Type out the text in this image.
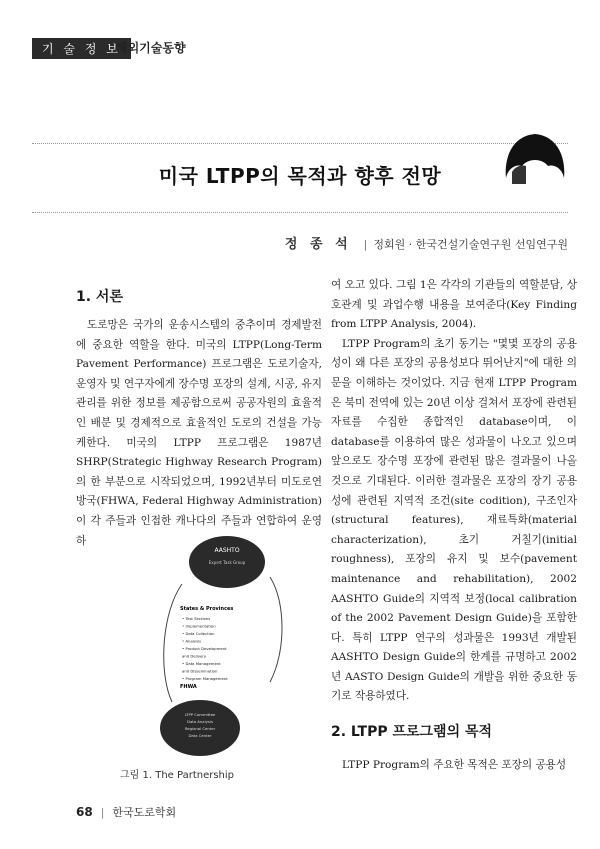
기 술 정 보
해외기술동향
미국 LTPP의 목적과 향후 전망
정 종 석 | 정회원 · 한국건설기술연구원 선임연구원
1. 서론

도로망은 국가의 운송시스템의 중추이며 경제발전에 중요한 역할을 한다. 미국의 LTPP(Long-Term Pavement Performance) 프로그램은 도로기술자, 운영자 및 연구자에게 장수명 포장의 설계, 시공, 유지관리를 위한 정보를 제공함으로써 공공자원의 효율적인 배분 및 경제적으로 효율적인 도로의 건설을 가능케한다. 미국의 LTPP 프로그램은 1987년 SHRP(Strategic Highway Research Program)의 한 부분으로 시작되었으며, 1992년부터 미도로연방국(FHWA, Federal Highway Administration)이 각 주들과 인접한 캐나다의 주들과 연합하여 운영하

AASHTO
Expert Task Group
States & Provinces
• Test Sections
• Implementation
• Data Collection
• Analysis
• Product Development
and Delivery
• Data Management
and Dissemination
• Program Management
FHWA
LTPP Committee
Data Analysis
Regional Center
Data Center
그림 1. The Partnership

여 오고 있다. 그림 1은 각각의 기관들의 역할분담, 상호관계 및 과업수행 내용을 보여준다(Key Finding from LTPP Analysis, 2004).

LTPP Program의 초기 동기는 "몇몇 포장의 공용성이 왜 다른 포장의 공용성보다 뛰어난지"에 대한 의문을 이해하는 것이었다. 지금 현재 LTPP Program은 북미 전역에 있는 20년 이상 걸쳐서 포장에 관련된 자료를 수집한 종합적인 database이며, 이 database를 이용하여 많은 성과물이 나오고 있으며 앞으로도 장수명 포장에 관련된 많은 결과물이 나올 것으로 기대된다. 이러한 결과물은 포장의 장기 공용성에 관련된 지역적 조건(site codition), 구조인자(structural features), 재료특화(material characterization), 초기 거칠기(initial roughness), 포장의 유지 및 보수(pavement maintenance and rehabilitation), 2002 AASHTO Guide의 지역적 보정(local calibration of the 2002 Pavement Design Guide)을 포함한다. 특히 LTPP 연구의 성과물은 1993년 개발된 AASHTO Design Guide의 한계를 규명하고 2002년 AASTO Design Guide의 개발을 위한 중요한 동기로 작용하였다.

2. LTPP 프로그램의 목적

LTPP Program의 주요한 목적은 포장의 공용성

68 | 한국도로학회
